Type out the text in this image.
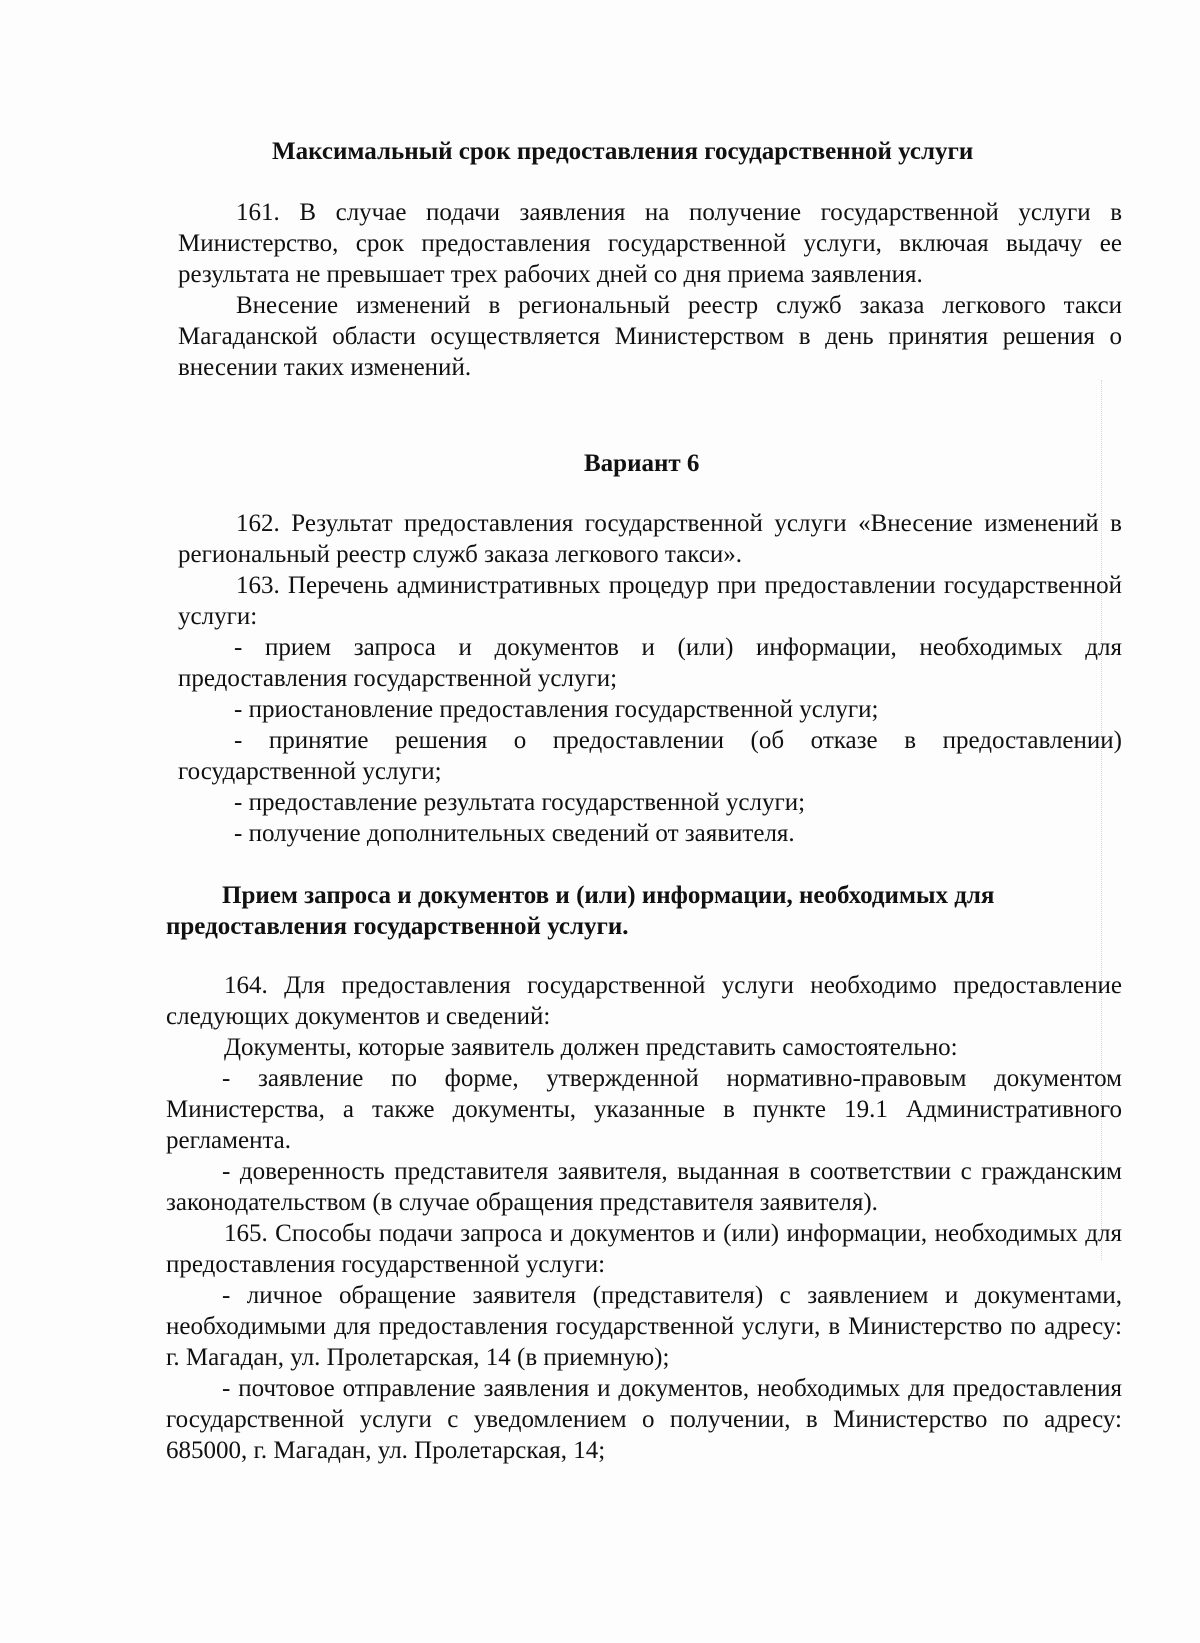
Максимальный срок предоставления государственной услуги

161. В случае подачи заявления на получение государственной услуги в Министерство, срок предоставления государственной услуги, включая выдачу ее результата не превышает трех рабочих дней со дня приема заявления.

Внесение изменений в региональный реестр служб заказа легкового такси Магаданской области осуществляется Министерством в день принятия решения о внесении таких изменений.

Вариант 6

162. Результат предоставления государственной услуги «Внесение изменений в региональный реестр служб заказа легкового такси».

163. Перечень административных процедур при предоставлении государственной услуги:

- прием запроса и документов и (или) информации, необходимых для предоставления государственной услуги;

- приостановление предоставления государственной услуги;

- принятие решения о предоставлении (об отказе в предоставлении) государственной услуги;

- предоставление результата государственной услуги;

- получение дополнительных сведений от заявителя.

Прием запроса и документов и (или) информации, необходимых для
предоставления государственной услуги.

164. Для предоставления государственной услуги необходимо предоставление следующих документов и сведений:

Документы, которые заявитель должен представить самостоятельно:

- заявление по форме, утвержденной нормативно-правовым документом Министерства, а также документы, указанные в пункте 19.1 Административного регламента.

- доверенность представителя заявителя, выданная в соответствии с гражданским законодательством (в случае обращения представителя заявителя).

165. Способы подачи запроса и документов и (или) информации, необходимых для предоставления государственной услуги:

- личное обращение заявителя (представителя) с заявлением и документами, необходимыми для предоставления государственной услуги, в Министерство по адресу: г. Магадан, ул. Пролетарская, 14 (в приемную);

- почтовое отправление заявления и документов, необходимых для предоставления государственной услуги с уведомлением о получении, в Министерство по адресу: 685000, г. Магадан, ул. Пролетарская, 14;
